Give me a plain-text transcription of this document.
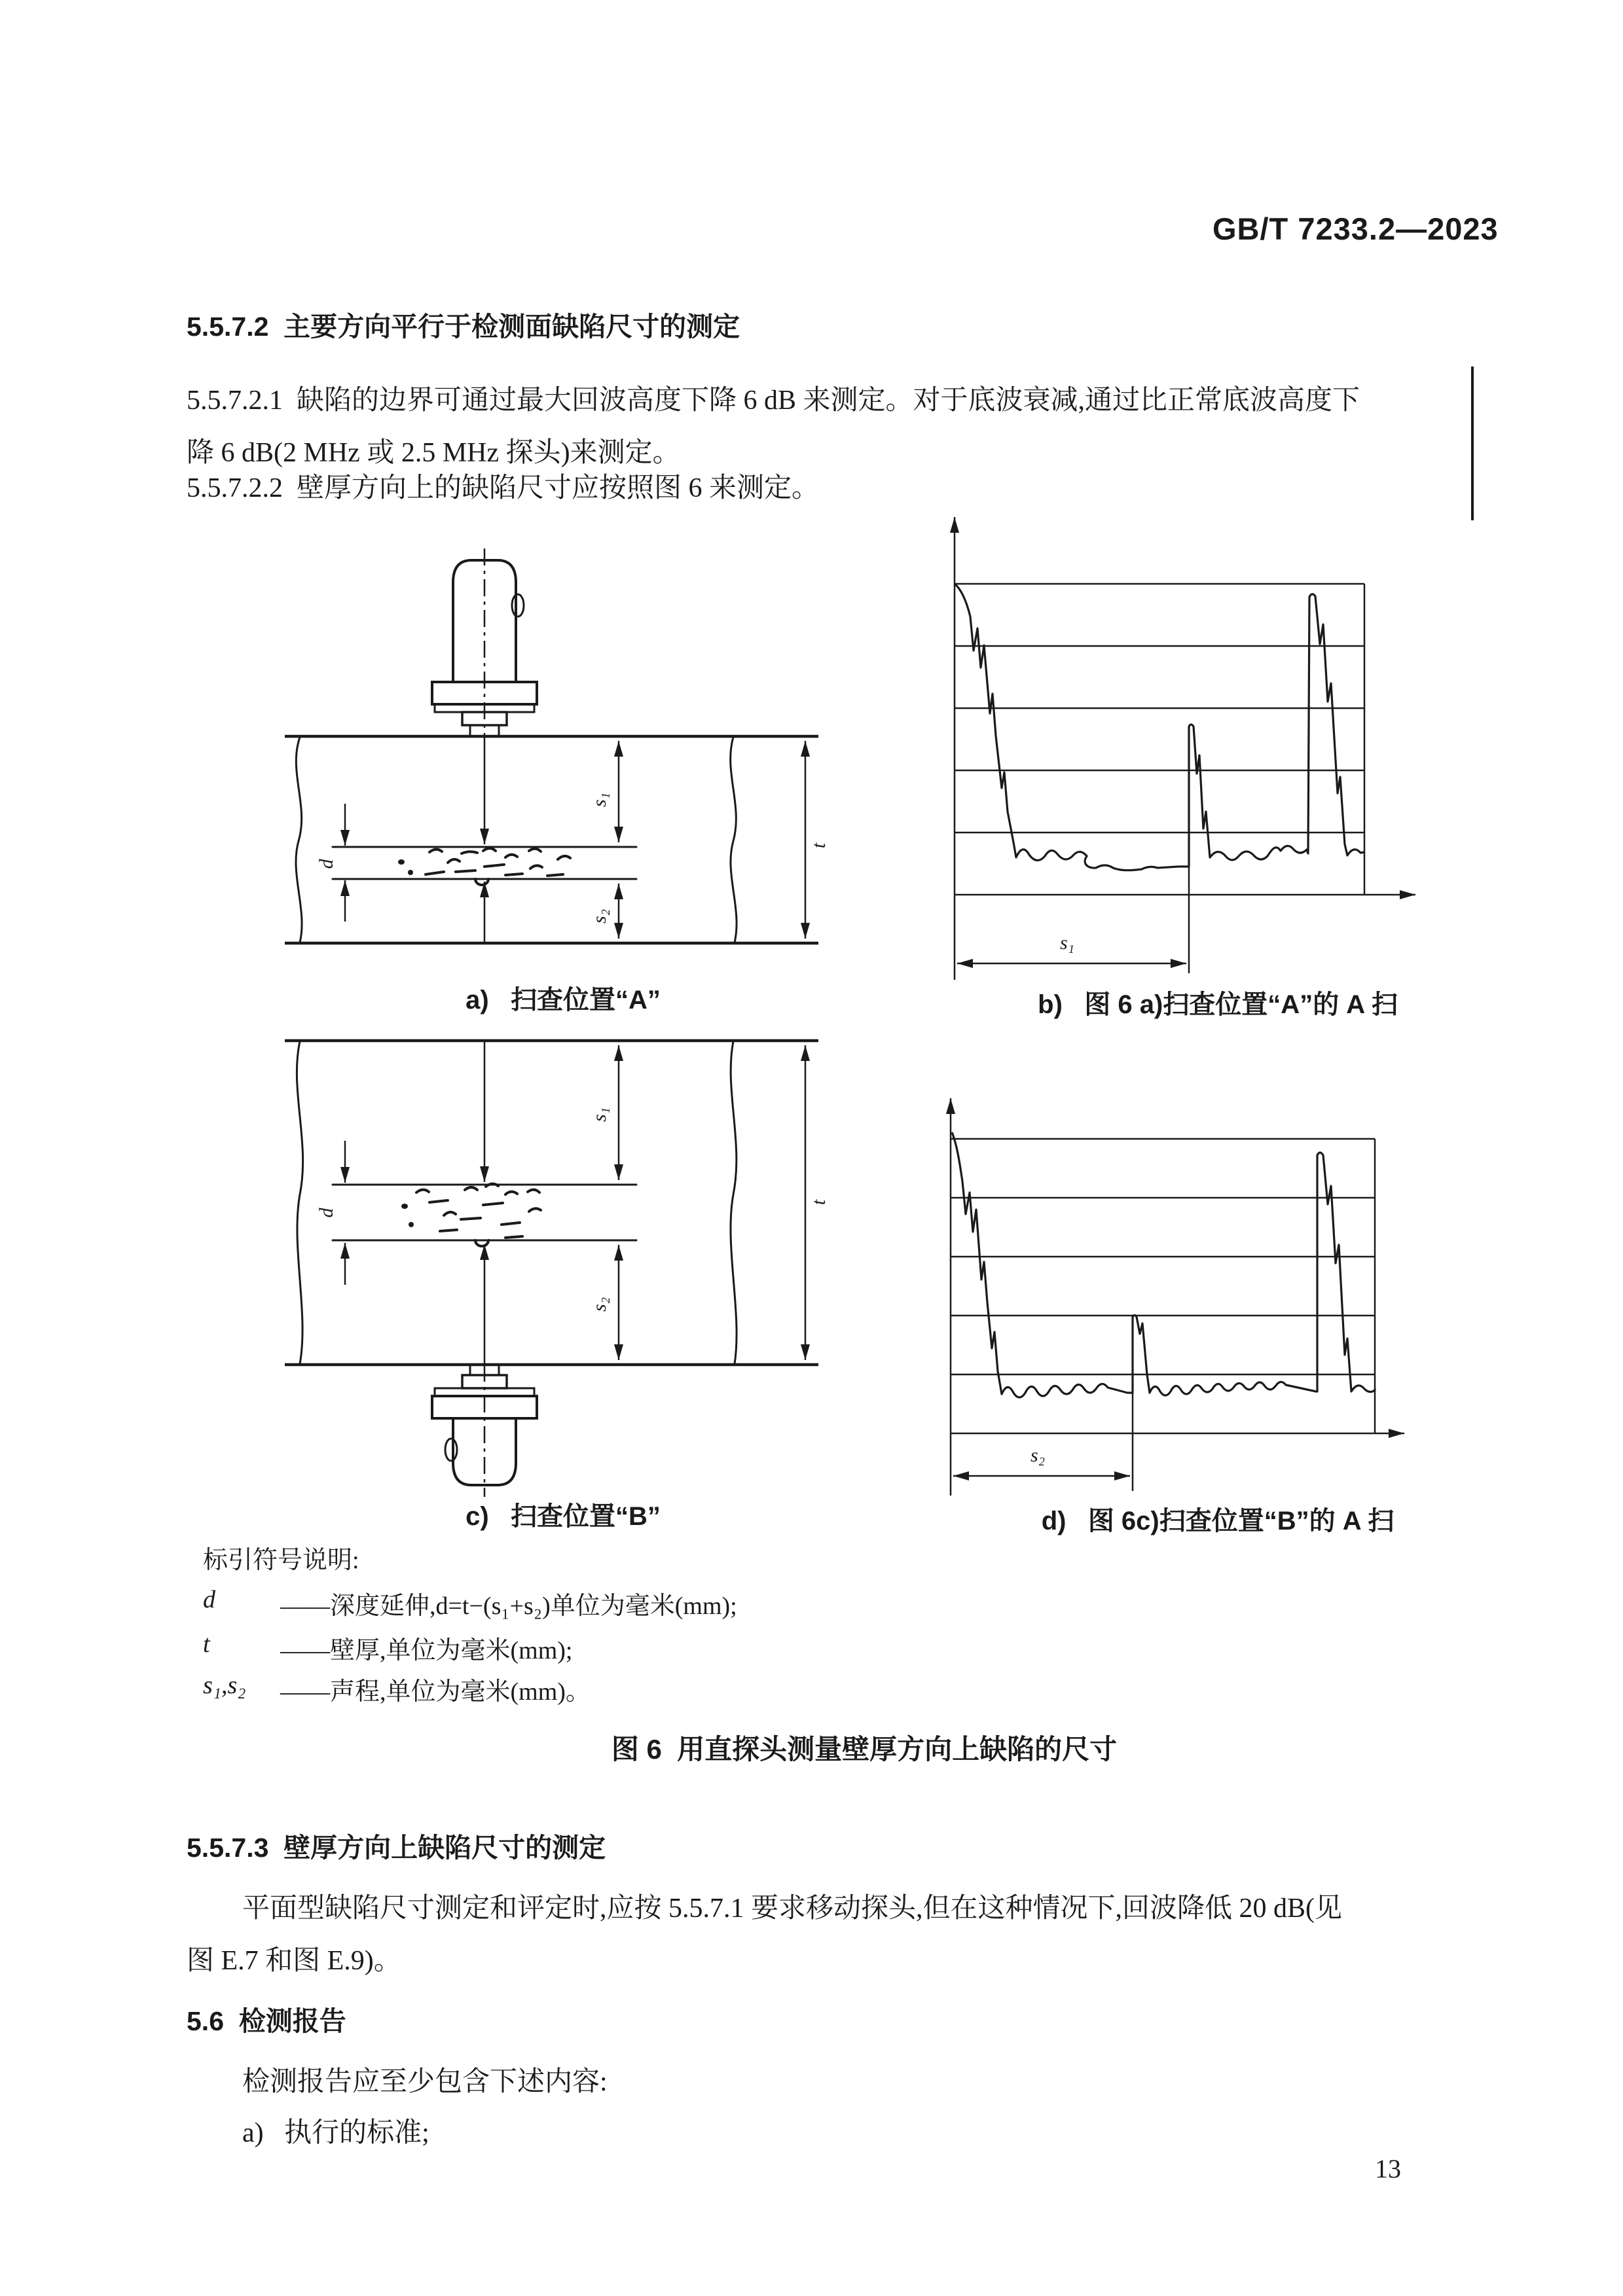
GB/T 7233.2—2023
5.5.7.2  主要方向平行于检测面缺陷尺寸的测定
5.5.7.2.1  缺陷的边界可通过最大回波高度下降 6 dB 来测定。对于底波衰减,通过比正常底波高度下
降 6 dB(2 MHz 或 2.5 MHz 探头)来测定。
5.5.7.2.2  壁厚方向上的缺陷尺寸应按照图 6 来测定。
s₁
s₂
d
t
s₁
a)   扫查位置“A”	b)   图 6 a)扫查位置“A”的 A 扫
s₁
s₂
d
t
s₂
c)   扫查位置“B”	d)   图 6c)扫查位置“B”的 A 扫
标引符号说明:
d	——深度延伸,d=t−(s₁+s₂)单位为毫米(mm);
t	——壁厚,单位为毫米(mm);
s₁,s₂	——声程,单位为毫米(mm)。
图 6  用直探头测量壁厚方向上缺陷的尺寸
5.5.7.3  壁厚方向上缺陷尺寸的测定
平面型缺陷尺寸测定和评定时,应按 5.5.7.1 要求移动探头,但在这种情况下,回波降低 20 dB(见
图 E.7 和图 E.9)。
5.6  检测报告
检测报告应至少包含下述内容:
a)   执行的标准;
13
